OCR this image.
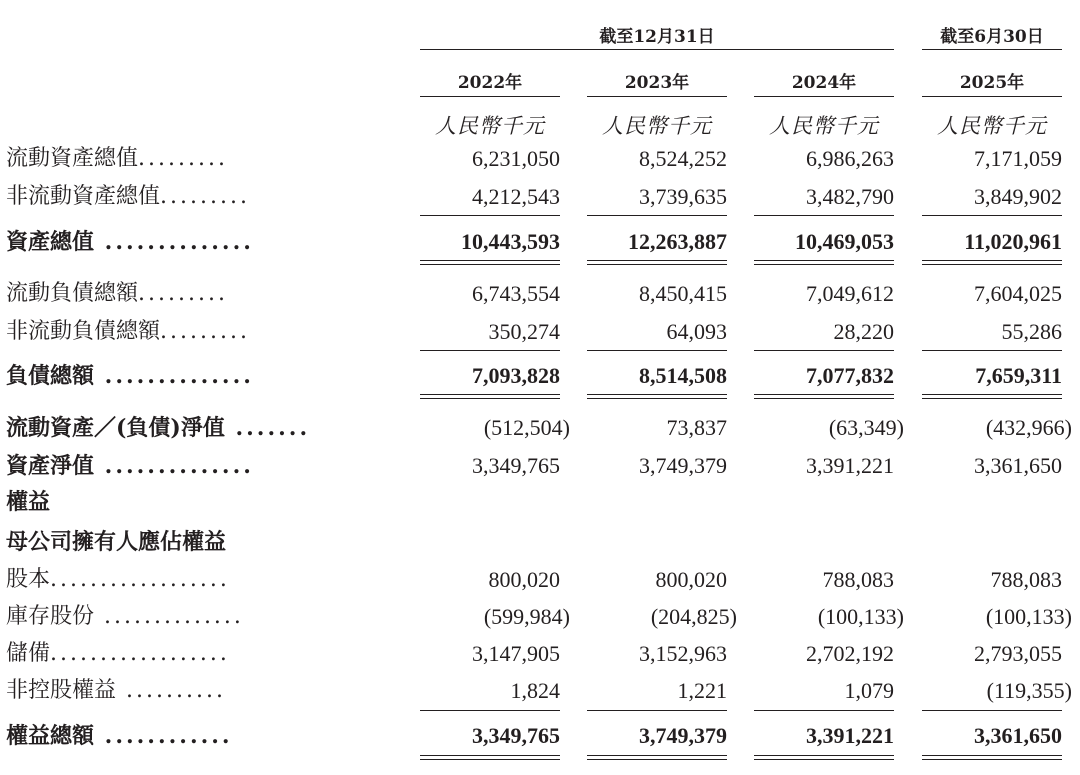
截至12月31日	截至6月30日
2022年	2023年	2024年	2025年
人民幣千元	人民幣千元	人民幣千元	人民幣千元
流動資產總值.........	6,231,050	8,524,252	6,986,263	7,171,059
非流動資產總值.........	4,212,543	3,739,635	3,482,790	3,849,902
資產總值 ..............	10,443,593	12,263,887	10,469,053	11,020,961
流動負債總額.........	6,743,554	8,450,415	7,049,612	7,604,025
非流動負債總額.........	350,274	64,093	28,220	55,286
負債總額 ..............	7,093,828	8,514,508	7,077,832	7,659,311
流動資產／(負債)淨值 .......	(512,504)	73,837	(63,349)	(432,966)
資產淨值 ..............	3,349,765	3,749,379	3,391,221	3,361,650
權益
母公司擁有人應佔權益
股本..................	800,020	800,020	788,083	788,083
庫存股份 ..............	(599,984)	(204,825)	(100,133)	(100,133)
儲備..................	3,147,905	3,152,963	2,702,192	2,793,055
非控股權益 ..........	1,824	1,221	1,079	(119,355)
權益總額 ............	3,349,765	3,749,379	3,391,221	3,361,650
